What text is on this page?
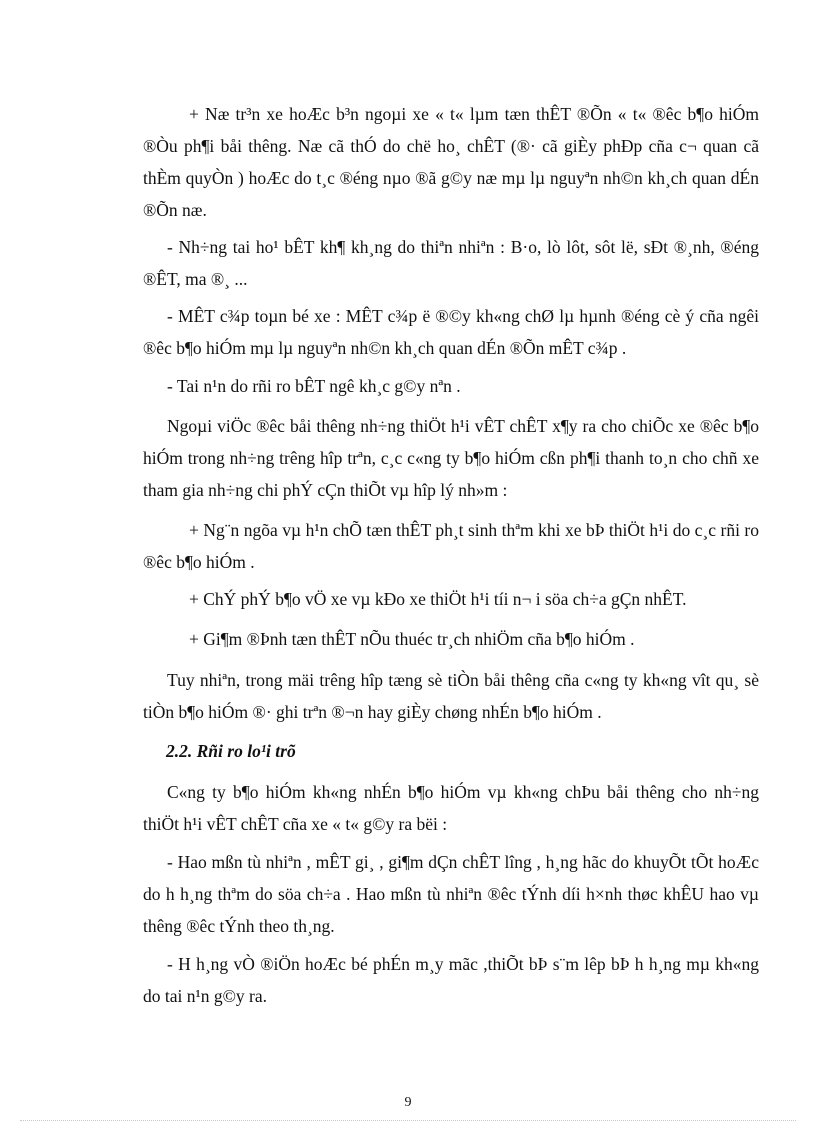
+ Næ tr³n xe hoÆc b³n ngoµi xe « t« lµm tæn thÊT ®Õn « t« ®êc b¶o hiÓm ®Òu ph¶i båi thêng. Næ cã thÓ do chë ho¸ chÊT (®· cã giÈy phÐp cña c¬ quan cã thÈm quyÒn ) hoÆc do t¸c ®éng nµo ®ã g©y næ mµ lµ nguyªn nh©n kh¸ch quan dÉn ®Õn næ.
- Nh÷ng tai ho¹ bÊT kh¶ kh¸ng do thiªn nhiªn : B·o, lò lôt, sôt lë, sÐt ®¸nh, ®éng ®ÊT, ma ®¸ ...
- MÊT c¾p toµn bé xe : MÊT c¾p ë ®©y kh«ng chØ lµ hµnh ®éng cè ý cña ngêi ®êc b¶o hiÓm mµ lµ nguyªn nh©n kh¸ch quan dÉn ®Õn mÊT c¾p .
- Tai n¹n do rñi ro bÊT ngê kh¸c g©y nªn .
Ngoµi viÖc ®êc båi thêng nh÷ng thiÖt h¹i vÊT chÊT x¶y ra cho chiÕc xe ®êc b¶o hiÓm trong nh÷ng trêng hîp trªn, c¸c c«ng ty b¶o hiÓm cßn ph¶i thanh to¸n cho chñ xe tham gia nh÷ng chi phÝ cÇn thiÕt vµ hîp lý nh»m :
+ Ng¨n ngõa vµ h¹n chÕ tæn thÊT ph¸t sinh thªm khi xe bÞ thiÖt h¹i do c¸c rñi ro ®êc b¶o hiÓm .
+ ChÝ phÝ b¶o vÖ xe vµ kÐo xe thiÖt h¹i tíi n¬ i söa ch÷a gÇn nhÊT.
+ Gi¶m ®Þnh tæn thÊT nÕu thuéc tr¸ch nhiÖm cña b¶o hiÓm .
Tuy nhiªn, trong mäi trêng hîp tæng sè tiÒn båi thêng cña c«ng ty kh«ng vît qu¸ sè tiÒn b¶o hiÓm ®· ghi trªn ®¬n hay giÈy chøng nhÉn b¶o hiÓm .
2.2. Rñi ro lo¹i trõ
C«ng ty b¶o hiÓm kh«ng nhÉn b¶o hiÓm vµ kh«ng chÞu båi thêng cho nh÷ng thiÖt h¹i vÊT chÊT cña xe « t« g©y ra bëi :
- Hao mßn tù nhiªn , mÊT gi¸ , gi¶m dÇn chÊT lîng , h¸ng hãc do khuyÕt tÕt hoÆc do h h¸ng thªm do söa ch÷a . Hao mßn tù nhiªn ®êc tÝnh díi h×nh thøc khÊU hao vµ thêng ®êc tÝnh theo th¸ng.
- H h¸ng vÒ ®iÖn hoÆc bé phÉn m¸y mãc ,thiÕt bÞ s¨m lêp bÞ h h¸ng mµ kh«ng do tai n¹n g©y ra.
9
